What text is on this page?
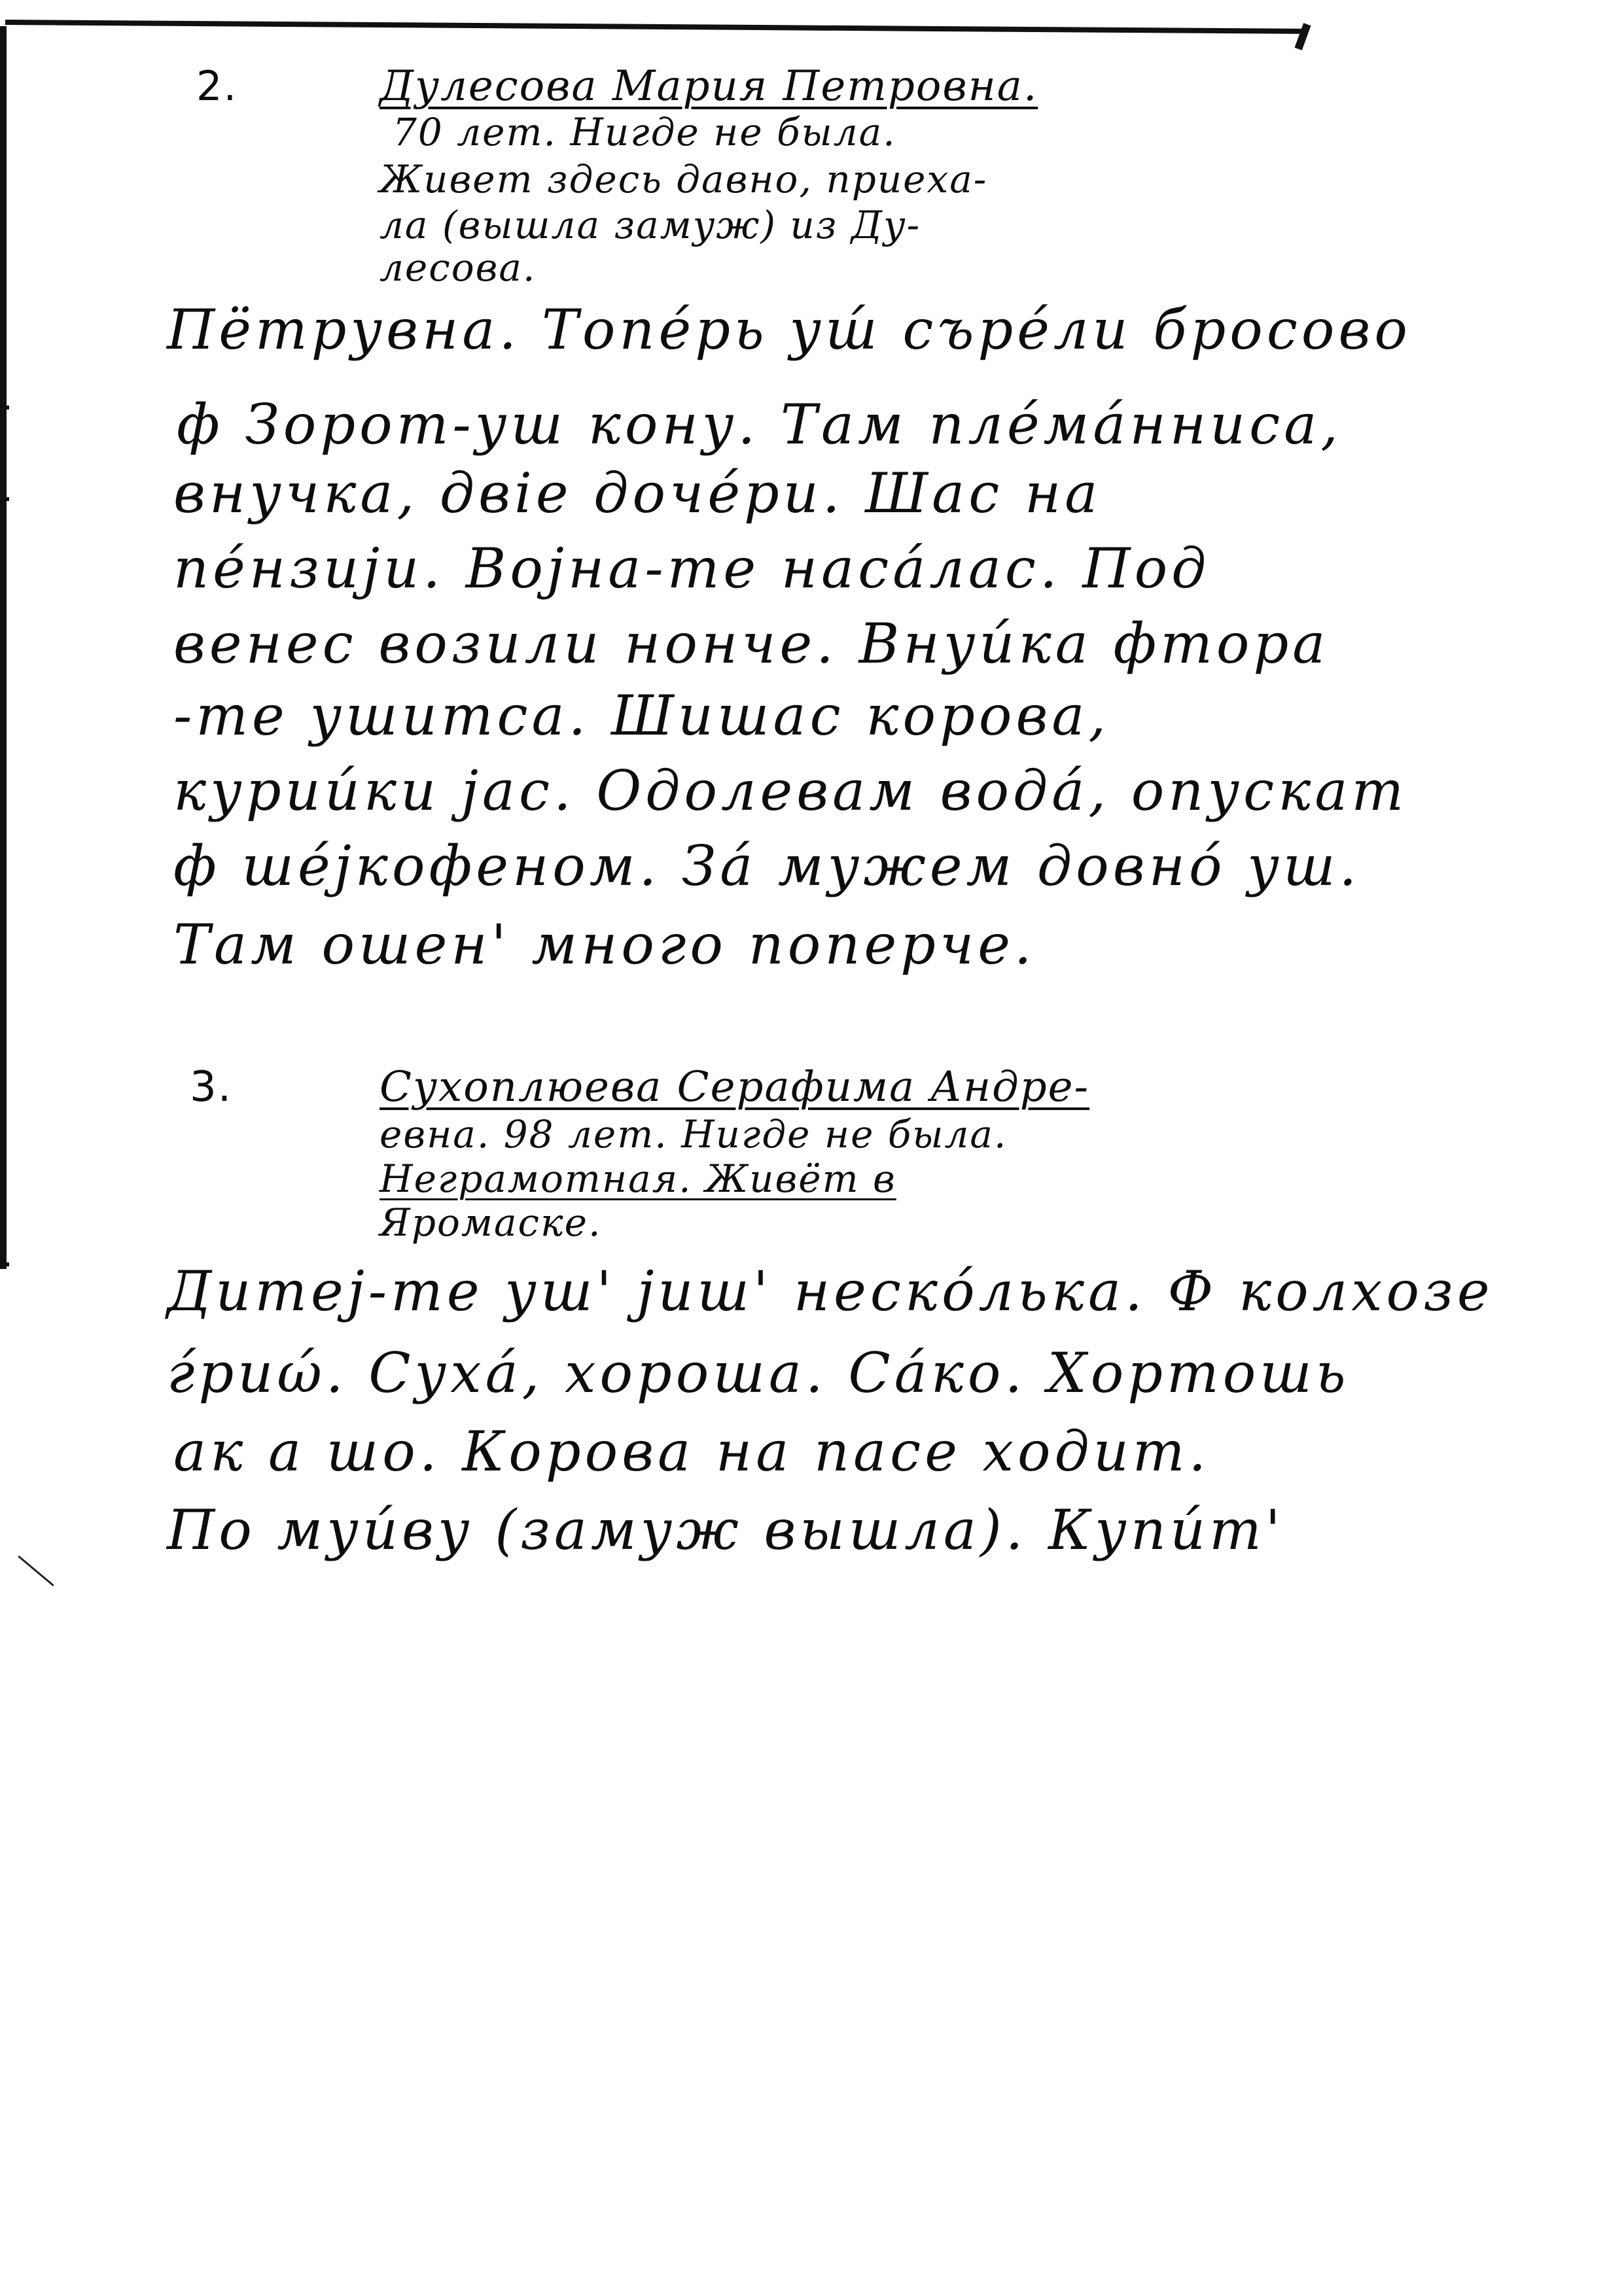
2.	Дулесова Мария Петровна.
70 лет. Нигде не была.
Живет здесь давно, приеха-
ла (вышла замуж) из Ду-
лесова.
Пётрувна. Топе́рь уш́ сърéли бросово
ф Зорот-уш кону. Там плéмáнниса,
внучка, двіе доче́ри. Шас на
пе́нзији. Војна-те насáлас. Под
венес возили нонче. Внуи́ка фтора
-те ушитса. Шишас корова,
курии́ки јас. Одолевам вода́, опускат
ф ше́јкофеном. За́ мужем довно́ уш.
Там ошен' много поперче.
3.	Сухоплюева Серафима Андре-
евна. 98 лет. Нигде не была.
Неграмотная. Живёт в
Яромаске.
Дитеј-те уш' јиш' неско́лька. Ф колхозе
ѓриώ. Сухá, хороша. Сáко. Хортошь
ак а шо. Корова на пасе ходит.
По муи́ву (замуж вышла). Купи́т'
